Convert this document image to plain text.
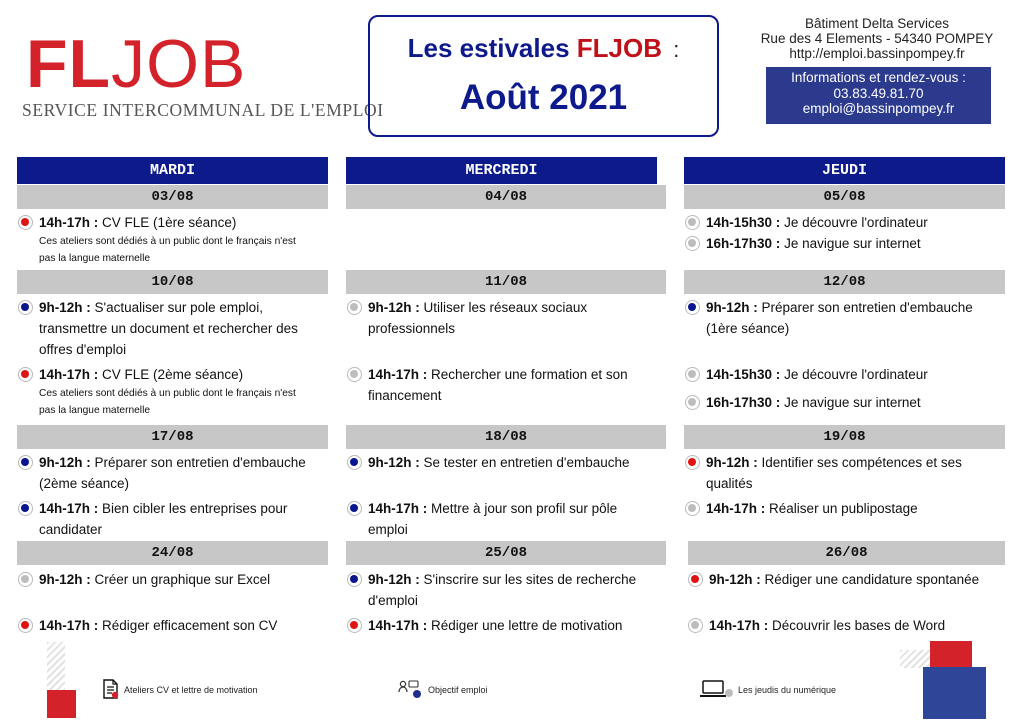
FLJOB
SERVICE INTERCOMMUNAL DE L'EMPLOI
Les estivales FLJOB :
Août 2021
Bâtiment Delta Services
Rue des 4 Elements - 54340 POMPEY
http://emploi.bassinpompey.fr
Informations et rendez-vous :
03.83.49.81.70
emploi@bassinpompey.fr
MARDI
03/08
14h-17h : CV FLE (1ère séance)
Ces ateliers sont dédiés à un public dont le français n'est
pas la langue maternelle
10/08
9h-12h : S'actualiser sur pole emploi,
transmettre un document et rechercher des
offres d'emploi
14h-17h : CV FLE (2ème séance)
Ces ateliers sont dédiés à un public dont le français n'est
pas la langue maternelle
17/08
9h-12h : Préparer son entretien d'embauche
(2ème séance)
14h-17h : Bien cibler les entreprises pour
candidater
24/08
9h-12h : Créer un graphique sur Excel
14h-17h : Rédiger efficacement son CV
MERCREDI
04/08
11/08
9h-12h : Utiliser les réseaux sociaux
professionnels
14h-17h : Rechercher une formation et son
financement
18/08
9h-12h : Se tester en entretien d'embauche
14h-17h : Mettre à jour son profil sur pôle
emploi
25/08
9h-12h : S'inscrire sur les sites de recherche
d'emploi
14h-17h : Rédiger une lettre de motivation
JEUDI
05/08
14h-15h30 : Je découvre l'ordinateur
16h-17h30 : Je navigue sur internet
12/08
9h-12h : Préparer son entretien d'embauche
(1ère séance)
14h-15h30 : Je découvre l'ordinateur
16h-17h30 : Je navigue sur internet
19/08
9h-12h : Identifier ses compétences et ses
qualités
14h-17h : Réaliser un publipostage
26/08
9h-12h : Rédiger une candidature spontanée
14h-17h : Découvrir les bases de Word
Ateliers CV et lettre de motivation	Objectif emploi	Les jeudis du numérique
